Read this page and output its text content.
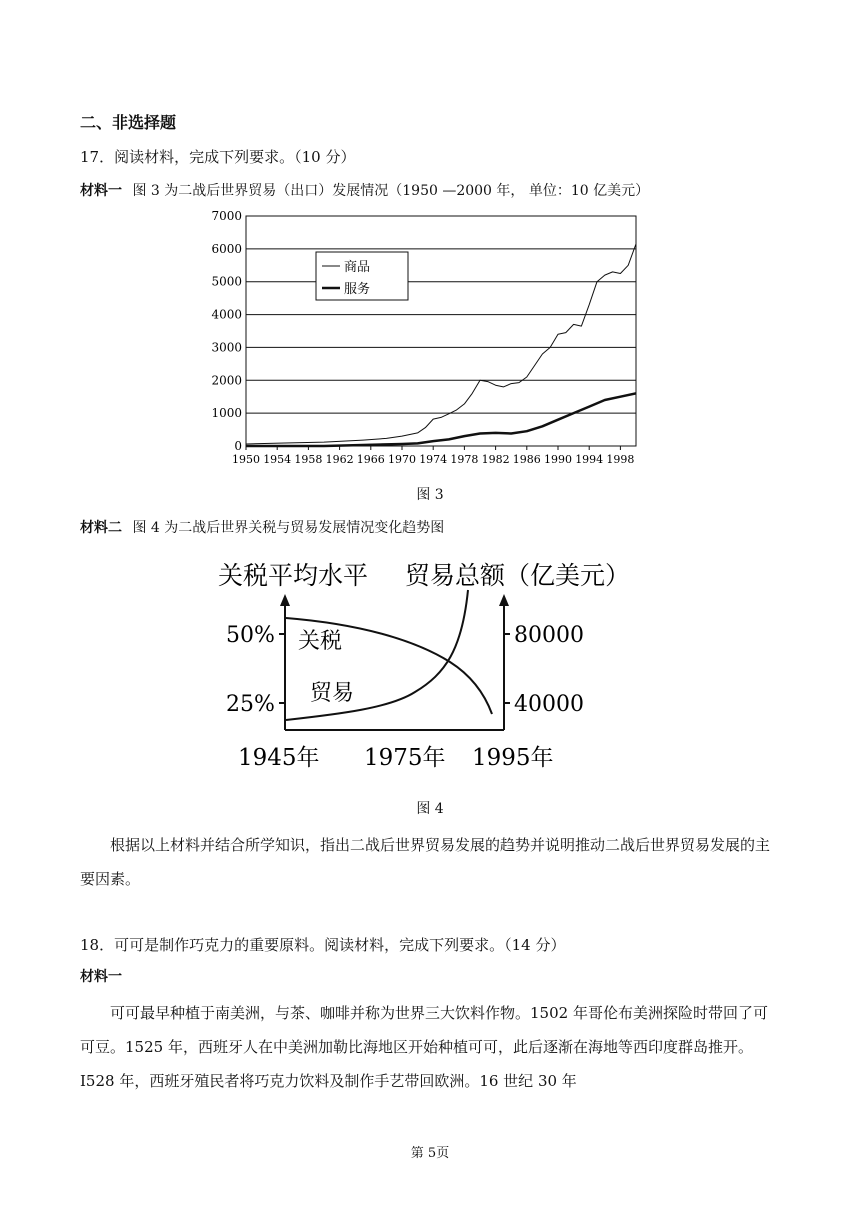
二、非选择题
17．阅读材料，完成下列要求。（10 分）
材料一 图 3 为二战后世界贸易（出口）发展情况（1950 —2000 年， 单位：10 亿美元）
0
1000
2000
3000
4000
5000
6000
7000
1950 1954 1958 1962 1966 1970 1974 1978 1982 1986 1990 1994 1998
商品
服务
图 3
材料二 图 4 为二战后世界关税与贸易发展情况变化趋势图
关税平均水平 贸易总额（亿美元）
50%
25%
80000
40000
关税
贸易
1945年 1975年 1995年
图 4
根据以上材料并结合所学知识，指出二战后世界贸易发展的趋势并说明推动二战后世界贸易发展的主要因素。
18．可可是制作巧克力的重要原料。阅读材料，完成下列要求。（14 分）
材料一
可可最早种植于南美洲，与茶、咖啡并称为世界三大饮料作物。1502 年哥伦布美洲探险时带回了可可豆。1525 年，西班牙人在中美洲加勒比海地区开始种植可可，此后逐渐在海地等西印度群岛推开。I528 年，西班牙殖民者将巧克力饮料及制作手艺带回欧洲。16 世纪 30 年
第 5页
